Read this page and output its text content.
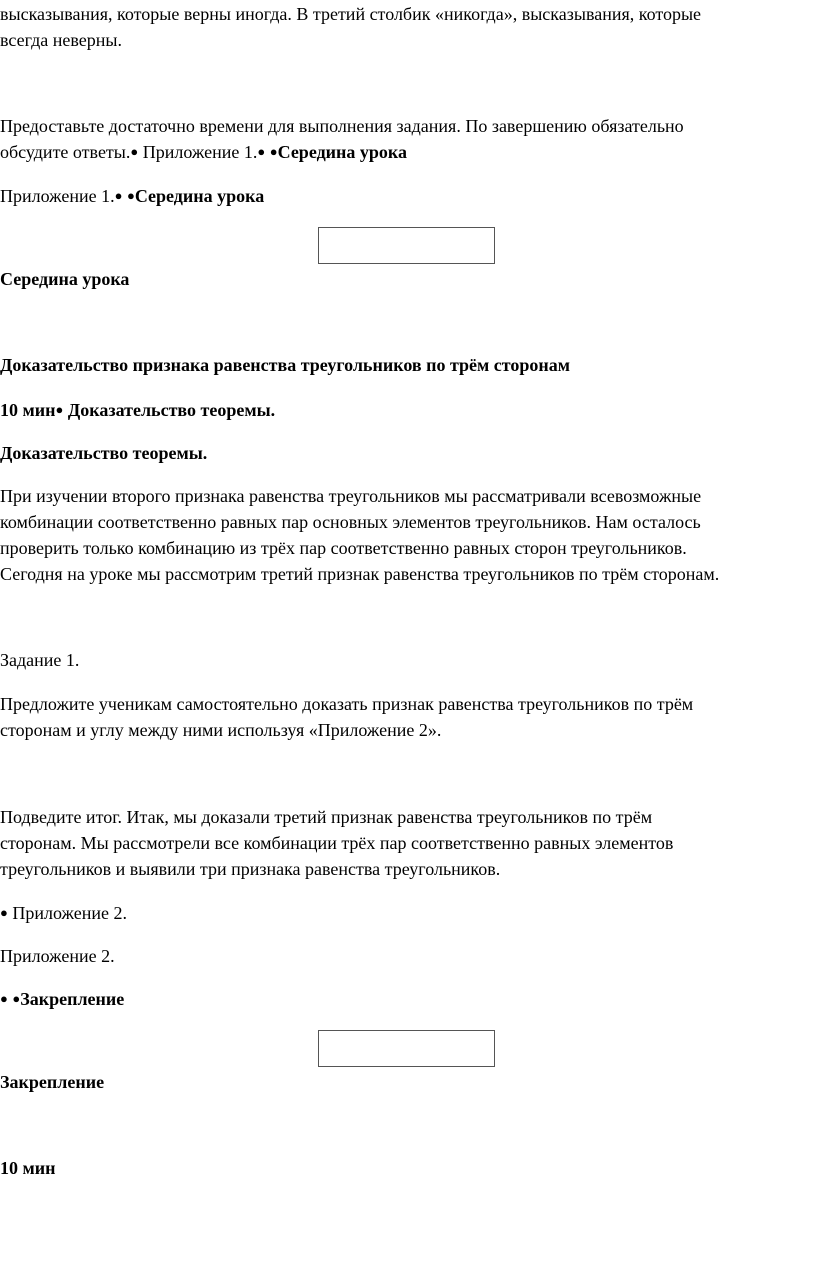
высказывания, которые верны иногда. В третий столбик «никогда», высказывания, которые

всегда неверны.

Предоставьте достаточно времени для выполнения задания. По завершению обязательно

обсудите ответы.● Приложение 1.● ●Середина урока

Приложение 1.● ●Середина урока

Середина урока

Доказательство признака равенства треугольников по трём сторонам

10 мин● Доказательство теоремы.

Доказательство теоремы.

При изучении второго признака равенства треугольников мы рассматривали всевозможные

комбинации соответственно равных пар основных элементов треугольников. Нам осталось

проверить только комбинацию из трёх пар соответственно равных сторон треугольников.

Сегодня на уроке мы рассмотрим третий признак равенства треугольников по трём сторонам.

Задание 1.

Предложите ученикам самостоятельно доказать признак равенства треугольников по трём

сторонам и углу между ними используя «Приложение 2».

Подведите итог. Итак, мы доказали третий признак равенства треугольников по трём

сторонам. Мы рассмотрели все комбинации трёх пар соответственно равных элементов

треугольников и выявили три признака равенства треугольников.

● Приложение 2.

Приложение 2.

● ●Закрепление

Закрепление

10 мин
